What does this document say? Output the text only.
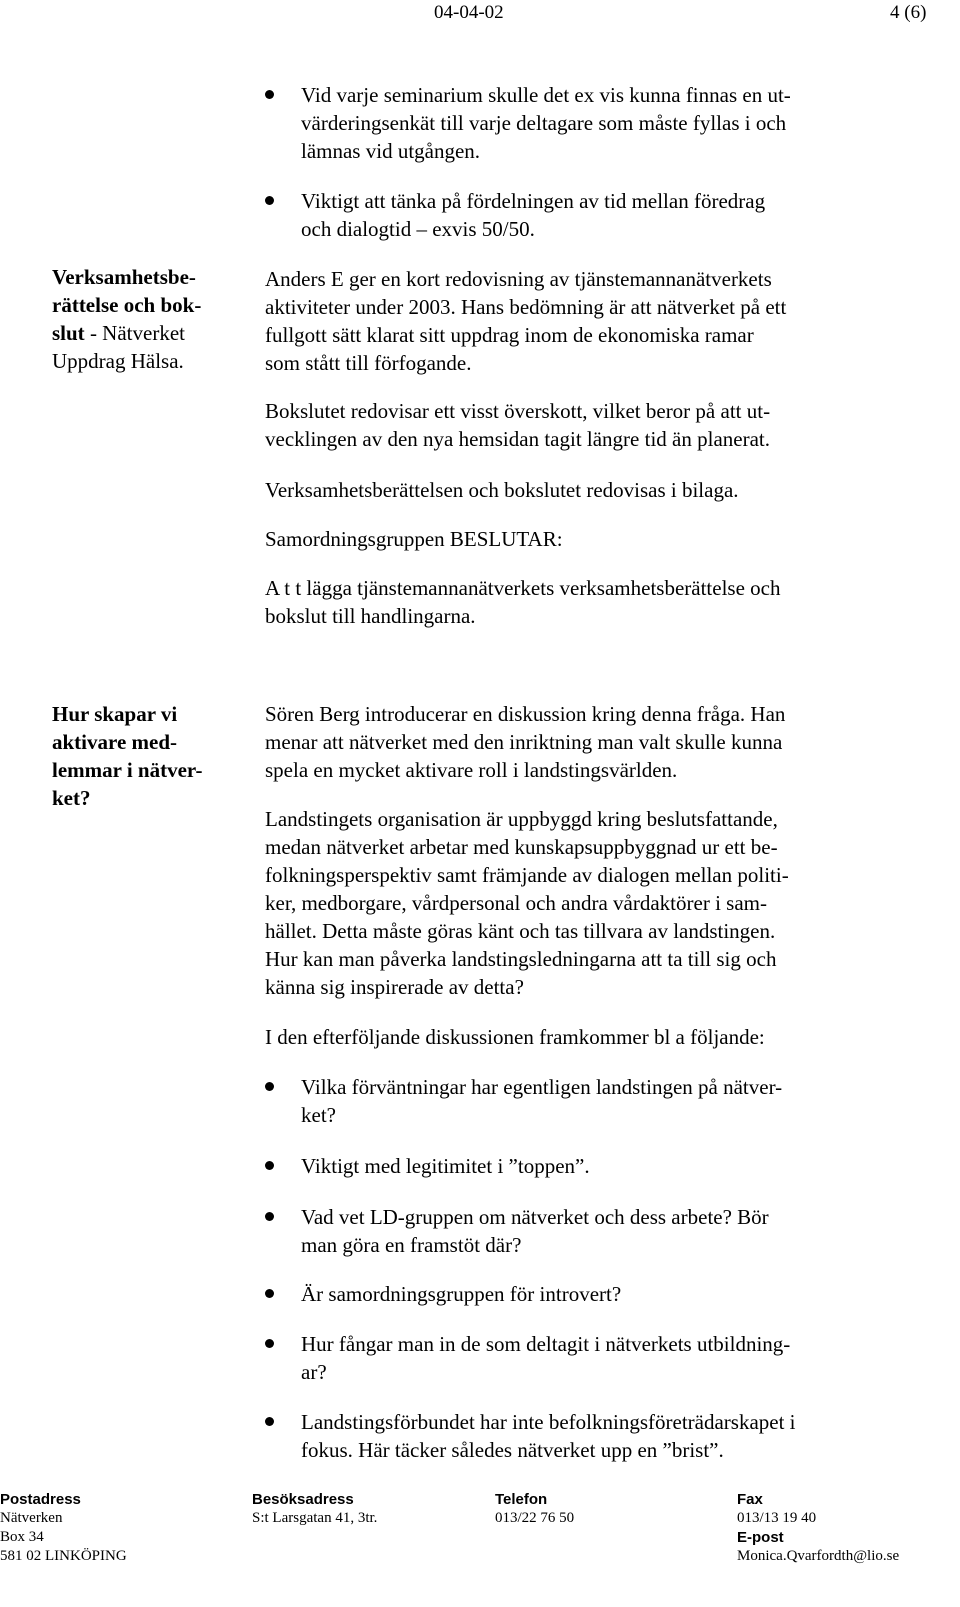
04-04-02	4 (6)
Vid varje seminarium skulle det ex vis kunna finnas en ut-
värderingsenkät till varje deltagare som måste fyllas i och
lämnas vid utgången.
Viktigt att tänka på fördelningen av tid mellan föredrag
och dialogtid – exvis 50/50.
Verksamhetsbe-
rättelse och bok-
slut - Nätverket
Uppdrag Hälsa.
Anders E ger en kort redovisning av tjänstemannanätverkets
aktiviteter under 2003. Hans bedömning är att nätverket på ett
fullgott sätt klarat sitt uppdrag inom de ekonomiska ramar
som stått till förfogande.
Bokslutet redovisar ett visst överskott, vilket beror på att ut-
vecklingen av den nya hemsidan tagit längre tid än planerat.
Verksamhetsberättelsen och bokslutet redovisas i bilaga.
Samordningsgruppen BESLUTAR:
A t t lägga tjänstemannanätverkets verksamhetsberättelse och
bokslut till handlingarna.
Hur skapar vi
aktivare med-
lemmar i nätver-
ket?
Sören Berg introducerar en diskussion kring denna fråga. Han
menar att nätverket med den inriktning man valt skulle kunna
spela en mycket aktivare roll i landstingsvärlden.
Landstingets organisation är uppbyggd kring beslutsfattande,
medan nätverket arbetar med kunskapsuppbyggnad ur ett be-
folkningsperspektiv samt främjande av dialogen mellan politi-
ker, medborgare, vårdpersonal och andra vårdaktörer i sam-
hället. Detta måste göras känt och tas tillvara av landstingen.
Hur kan man påverka landstingsledningarna att ta till sig och
känna sig inspirerade av detta?
I den efterföljande diskussionen framkommer bl a följande:
Vilka förväntningar har egentligen landstingen på nätver-
ket?
Viktigt med legitimitet i ”toppen”.
Vad vet LD-gruppen om nätverket och dess arbete? Bör
man göra en framstöt där?
Är samordningsgruppen för introvert?
Hur fångar man in de som deltagit i nätverkets utbildning-
ar?
Landstingsförbundet har inte befolkningsföreträdarskapet i
fokus. Här täcker således nätverket upp en ”brist”.
Postadress
Nätverken
Box 34
581 02 LINKÖPING
Besöksadress
S:t Larsgatan 41, 3tr.
Telefon
013/22 76 50
Fax
013/13 19 40
E-post
Monica.Qvarfordth@lio.se
